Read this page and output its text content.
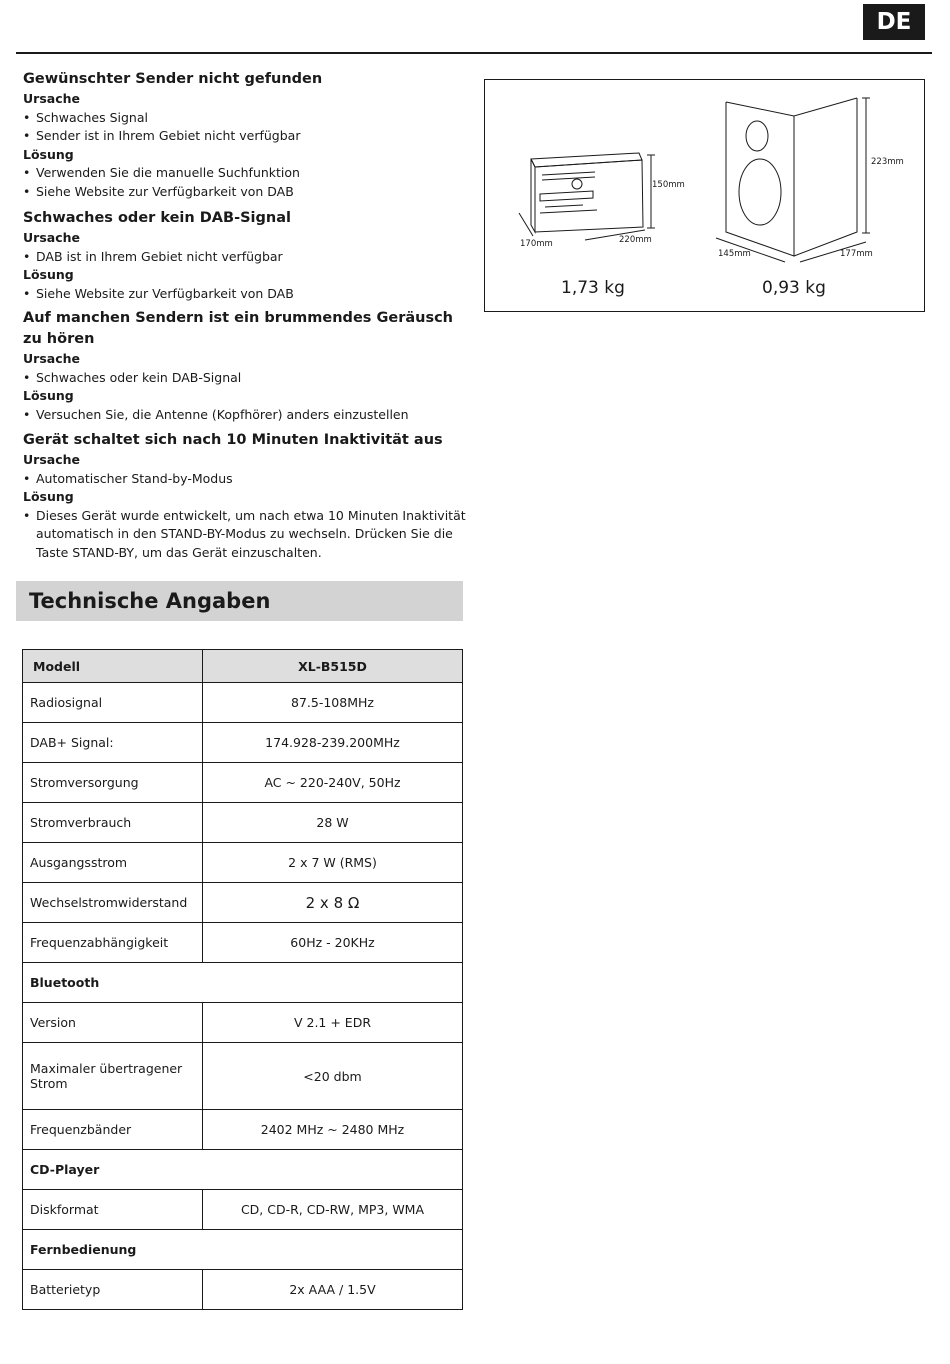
DE
Gewünschter Sender nicht gefunden
Ursache
• Schwaches Signal
• Sender ist in Ihrem Gebiet nicht verfügbar
Lösung
• Verwenden Sie die manuelle Suchfunktion
• Siehe Website zur Verfügbarkeit von DAB
Schwaches oder kein DAB-Signal
Ursache
• DAB ist in Ihrem Gebiet nicht verfügbar
Lösung
• Siehe Website zur Verfügbarkeit von DAB
Auf manchen Sendern ist ein brummendes Geräusch zu hören
Ursache
• Schwaches oder kein DAB-Signal
Lösung
• Versuchen Sie, die Antenne (Kopfhörer) anders einzustellen
Gerät schaltet sich nach 10 Minuten Inaktivität aus
Ursache
• Automatischer Stand-by-Modus
Lösung
• Dieses Gerät wurde entwickelt, um nach etwa 10 Minuten Inaktivität automatisch in den STAND-BY-Modus zu wechseln. Drücken Sie die Taste STAND-BY, um das Gerät einzuschalten.
Technische Angaben
Modell	XL-B515D
Radiosignal	87.5-108MHz
DAB+ Signal:	174.928-239.200MHz
Stromversorgung	AC ~ 220-240V, 50Hz
Stromverbrauch	28 W
Ausgangsstrom	2 x 7 W (RMS)
Wechselstromwiderstand	2 x 8 Ω
Frequenzabhängigkeit	60Hz - 20KHz
Bluetooth	
Version	V 2.1 + EDR
Maximaler übertragener Strom	<20 dbm
Frequenzbänder	2402 MHz ~ 2480 MHz
CD-Player	
Diskformat	CD, CD-R, CD-RW, MP3, WMA
Fernbedienung	
Batterietyp	2x AAA / 1.5V
150mm
220mm
170mm
223mm
145mm	177mm
1,73 kg	0,93 kg
